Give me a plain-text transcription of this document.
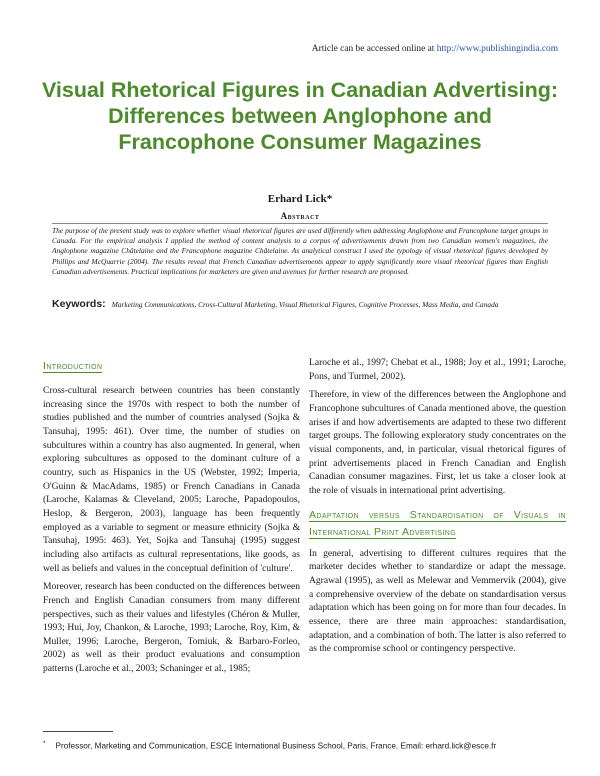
Article can be accessed online at http://www.publishingindia.com
Visual Rhetorical Figures in Canadian Advertising: Differences between Anglophone and Francophone Consumer Magazines
Erhard Lick*
Abstract

The purpose of the present study was to explore whether visual rhetorical figures are used differently when addressing Anglophone and Francophone target groups in Canada. For the empirical analysis I applied the method of content analysis to a corpus of advertisements drawn from two Canadian women's magazines, the Anglophone magazine Châtelaine and the Francophone magazine Châtelaine. As analytical construct I used the typology of visual rhetorical figures developed by Phillips and McQuarrie (2004). The results reveal that French Canadian advertisements appear to apply significantly more visual rhetorical figures than English Canadian advertisements. Practical implications for marketers are given and avenues for further research are proposed.

Keywords: Marketing Communications, Cross-Cultural Marketing, Visual Rhetorical Figures, Cognitive Processes, Mass Media, and Canada

Introduction

Cross-cultural research between countries has been constantly increasing since the 1970s with respect to both the number of studies published and the number of countries analysed (Sojka & Tansuhaj, 1995: 461). Over time, the number of studies on subcultures within a country has also augmented. In general, when exploring subcultures as opposed to the dominant culture of a country, such as Hispanics in the US (Webster, 1992; Imperia, O'Guinn & MacAdams, 1985) or French Canadians in Canada (Laroche, Kalamas & Cleveland, 2005; Laroche, Papadopoulos, Heslop, & Bergeron, 2003), language has been frequently employed as a variable to segment or measure ethnicity (Sojka & Tansuhaj, 1995: 463). Yet, Sojka and Tansuhaj (1995) suggest including also artifacts as cultural representations, like goods, as well as beliefs and values in the conceptual definition of 'culture'.

Moreover, research has been conducted on the differences between French and English Canadian consumers from many different perspectives, such as their values and lifestyles (Chéron & Muller, 1993; Hui, Joy, Chankon, & Laroche, 1993; Laroche, Roy, Kim, & Muller, 1996; Laroche, Bergeron, Tomiuk, & Barbaro-Forleo, 2002) as well as their product evaluations and consumption patterns (Laroche et al., 2003; Schaninger et al., 1985;

Laroche et al., 1997; Chebat et al., 1988; Joy et al., 1991; Laroche, Pons, and Turmel, 2002).

Therefore, in view of the differences between the Anglophone and Francophone subcultures of Canada mentioned above, the question arises if and how advertisements are adapted to these two different target groups. The following exploratory study concentrates on the visual components, and, in particular, visual rhetorical figures of print advertisements placed in French Canadian and English Canadian consumer magazines. First, let us take a closer look at the role of visuals in international print advertising.

Adaptation versus Standardisation of Visuals in International Print Advertising

In general, advertising to different cultures requires that the marketer decides whether to standardize or adapt the message. Agrawal (1995), as well as Melewar and Vemmervik (2004), give a comprehensive overview of the debate on standardisation versus adaptation which has been going on for more than four decades. In essence, there are three main approaches: standardisation, adaptation, and a combination of both. The latter is also referred to as the compromise school or contingency perspective.

* Professor, Marketing and Communication, ESCE International Business School, Paris, France. Email: erhard.lick@esce.fr
